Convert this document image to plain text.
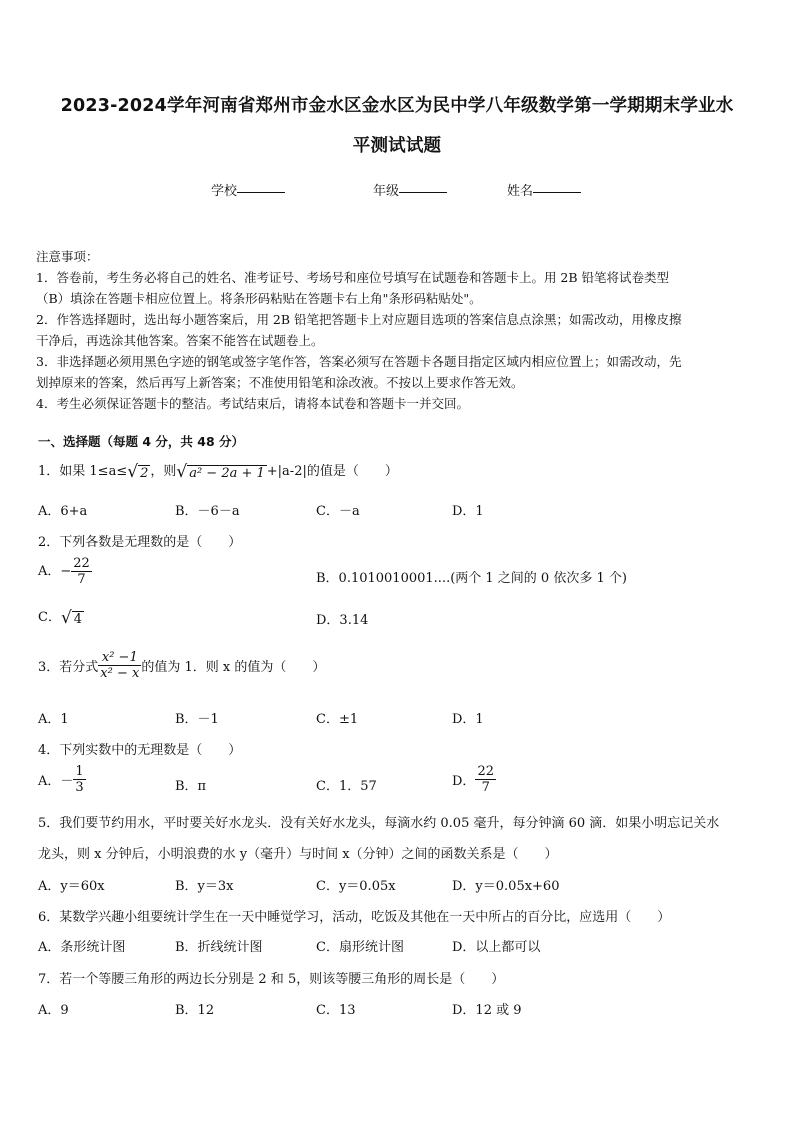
2023-2024学年河南省郑州市金水区金水区为民中学八年级数学第一学期期末学业水
平测试试题
学校	年级	姓名

注意事项：

1．答卷前，考生务必将自己的姓名、准考证号、考场号和座位号填写在试题卷和答题卡上。用 2B 铅笔将试卷类型

（B）填涂在答题卡相应位置上。将条形码粘贴在答题卡右上角"条形码粘贴处"。

2．作答选择题时，选出每小题答案后，用 2B 铅笔把答题卡上对应题目选项的答案信息点涂黑；如需改动，用橡皮擦

干净后，再选涂其他答案。答案不能答在试题卷上。

3．非选择题必须用黑色字迹的钢笔或签字笔作答，答案必须写在答题卡各题目指定区域内相应位置上；如需改动，先

划掉原来的答案，然后再写上新答案；不准使用铅笔和涂改液。不按以上要求作答无效。

4．考生必须保证答题卡的整洁。考试结束后，请将本试卷和答题卡一并交回。

一、选择题（每题 4 分，共 48 分）
1．如果 1≤a≤√ 2 ，则√ a² − 2a + 1 +|a-2|的值是（　　）
A．6+a	B．－6－a	C．－a	D．1
2．下列各数是无理数的是（　　）
A．− $\frac{22}{7}$	B．0.1010010001....(两个 1 之间的 0 依次多 1 个)
C．√ 4	D．3.14
3．若分式 $\frac{\text{x² −1}}{\text{x² − x}}$ 的值为 1．则 x 的值为（　　）
A．1	B．－1	C．±1	D．1
4．下列实数中的无理数是（　　）
A．－ $\frac{1}{3}$	B．π	C．1．57	D． $\frac{22}{7}$
5．我们要节约用水，平时要关好水龙头．没有关好水龙头，每滴水约 0.05 毫升，每分钟滴 60 滴．如果小明忘记关水
龙头，则 x 分钟后，小明浪费的水 y（毫升）与时间 x（分钟）之间的函数关系是（　　）
A．y＝60x	B．y＝3x	C．y＝0.05x	D．y＝0.05x+60
6．某数学兴趣小组要统计学生在一天中睡觉学习，活动，吃饭及其他在一天中所占的百分比，应选用（　　）
A．条形统计图	B．折线统计图	C．扇形统计图	D．以上都可以
7．若一个等腰三角形的两边长分别是 2 和 5，则该等腰三角形的周长是（　　）
A．9	B．12	C．13	D．12 或 9
